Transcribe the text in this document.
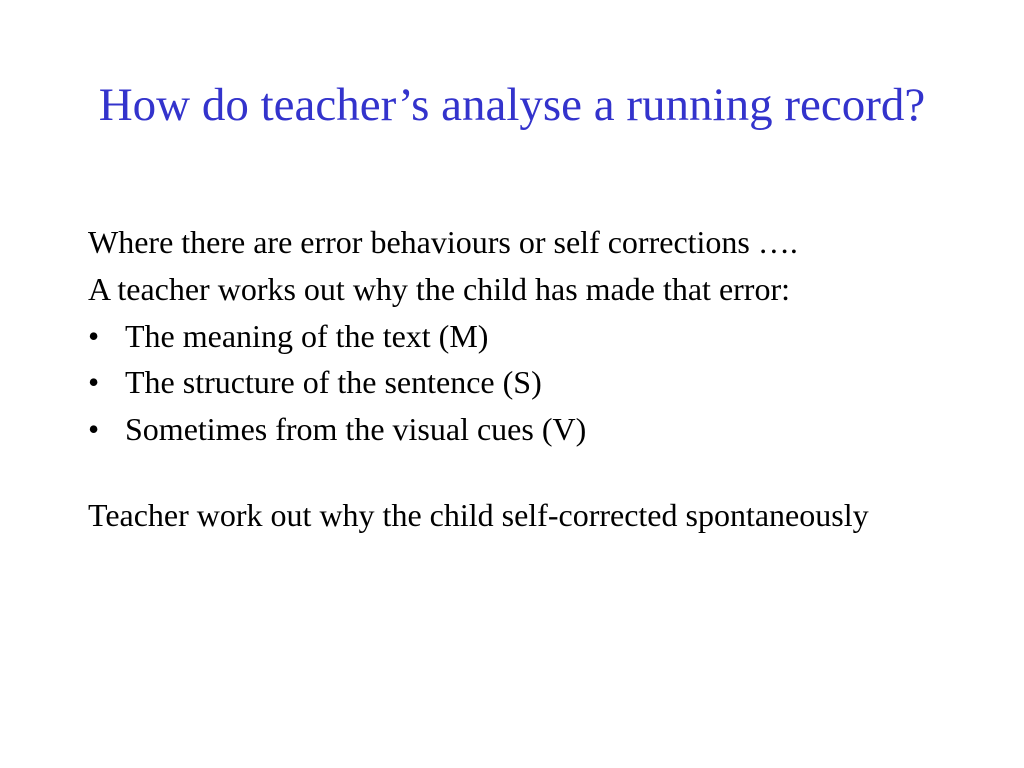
How do teacher’s analyse a running record?
Where there are error behaviours or self corrections ….
A teacher works out why the child has made that error:
• The meaning of the text (M)
• The structure of the sentence (S)
• Sometimes from the visual cues (V)
Teacher work out why the child self-corrected spontaneously
